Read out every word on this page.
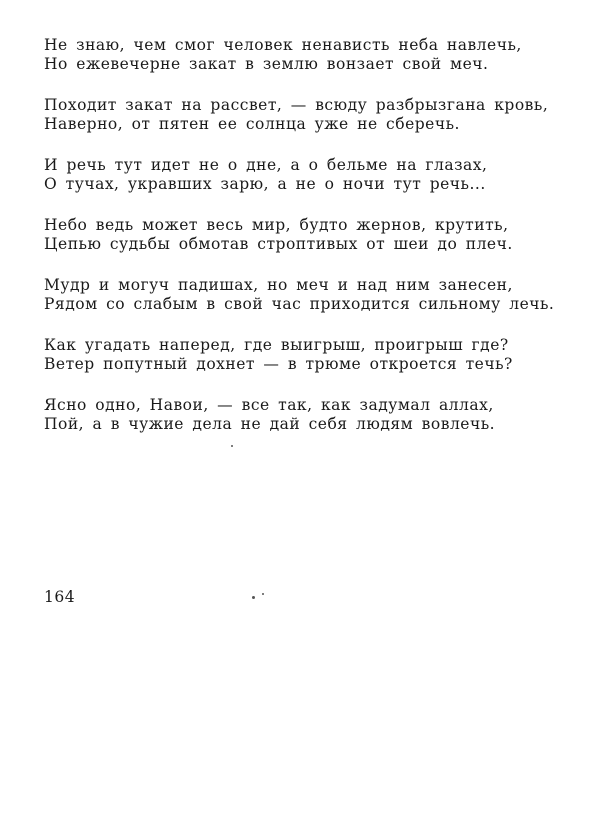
Не знаю, чем смог человек ненависть неба навлечь,
Но ежевечерне закат в землю вонзает свой меч.
Походит закат на рассвет, — всюду разбрызгана кровь,
Наверно, от пятен ее солнца уже не сберечь.
И речь тут идет не о дне, а о бельме на глазах,
О тучах, укравших зарю, а не о ночи тут речь...
Небо ведь может весь мир, будто жернов, крутить,
Цепью судьбы обмотав строптивых от шеи до плеч.
Мудр и могуч падишах, но меч и над ним занесен,
Рядом со слабым в свой час приходится сильному лечь.
Как угадать наперед, где выигрыш, проигрыш где?
Ветер попутный дохнет — в трюме откроется течь?
Ясно одно, Навои, — все так, как задумал аллах,
Пой, а в чужие дела не дай себя людям вовлечь.
164
